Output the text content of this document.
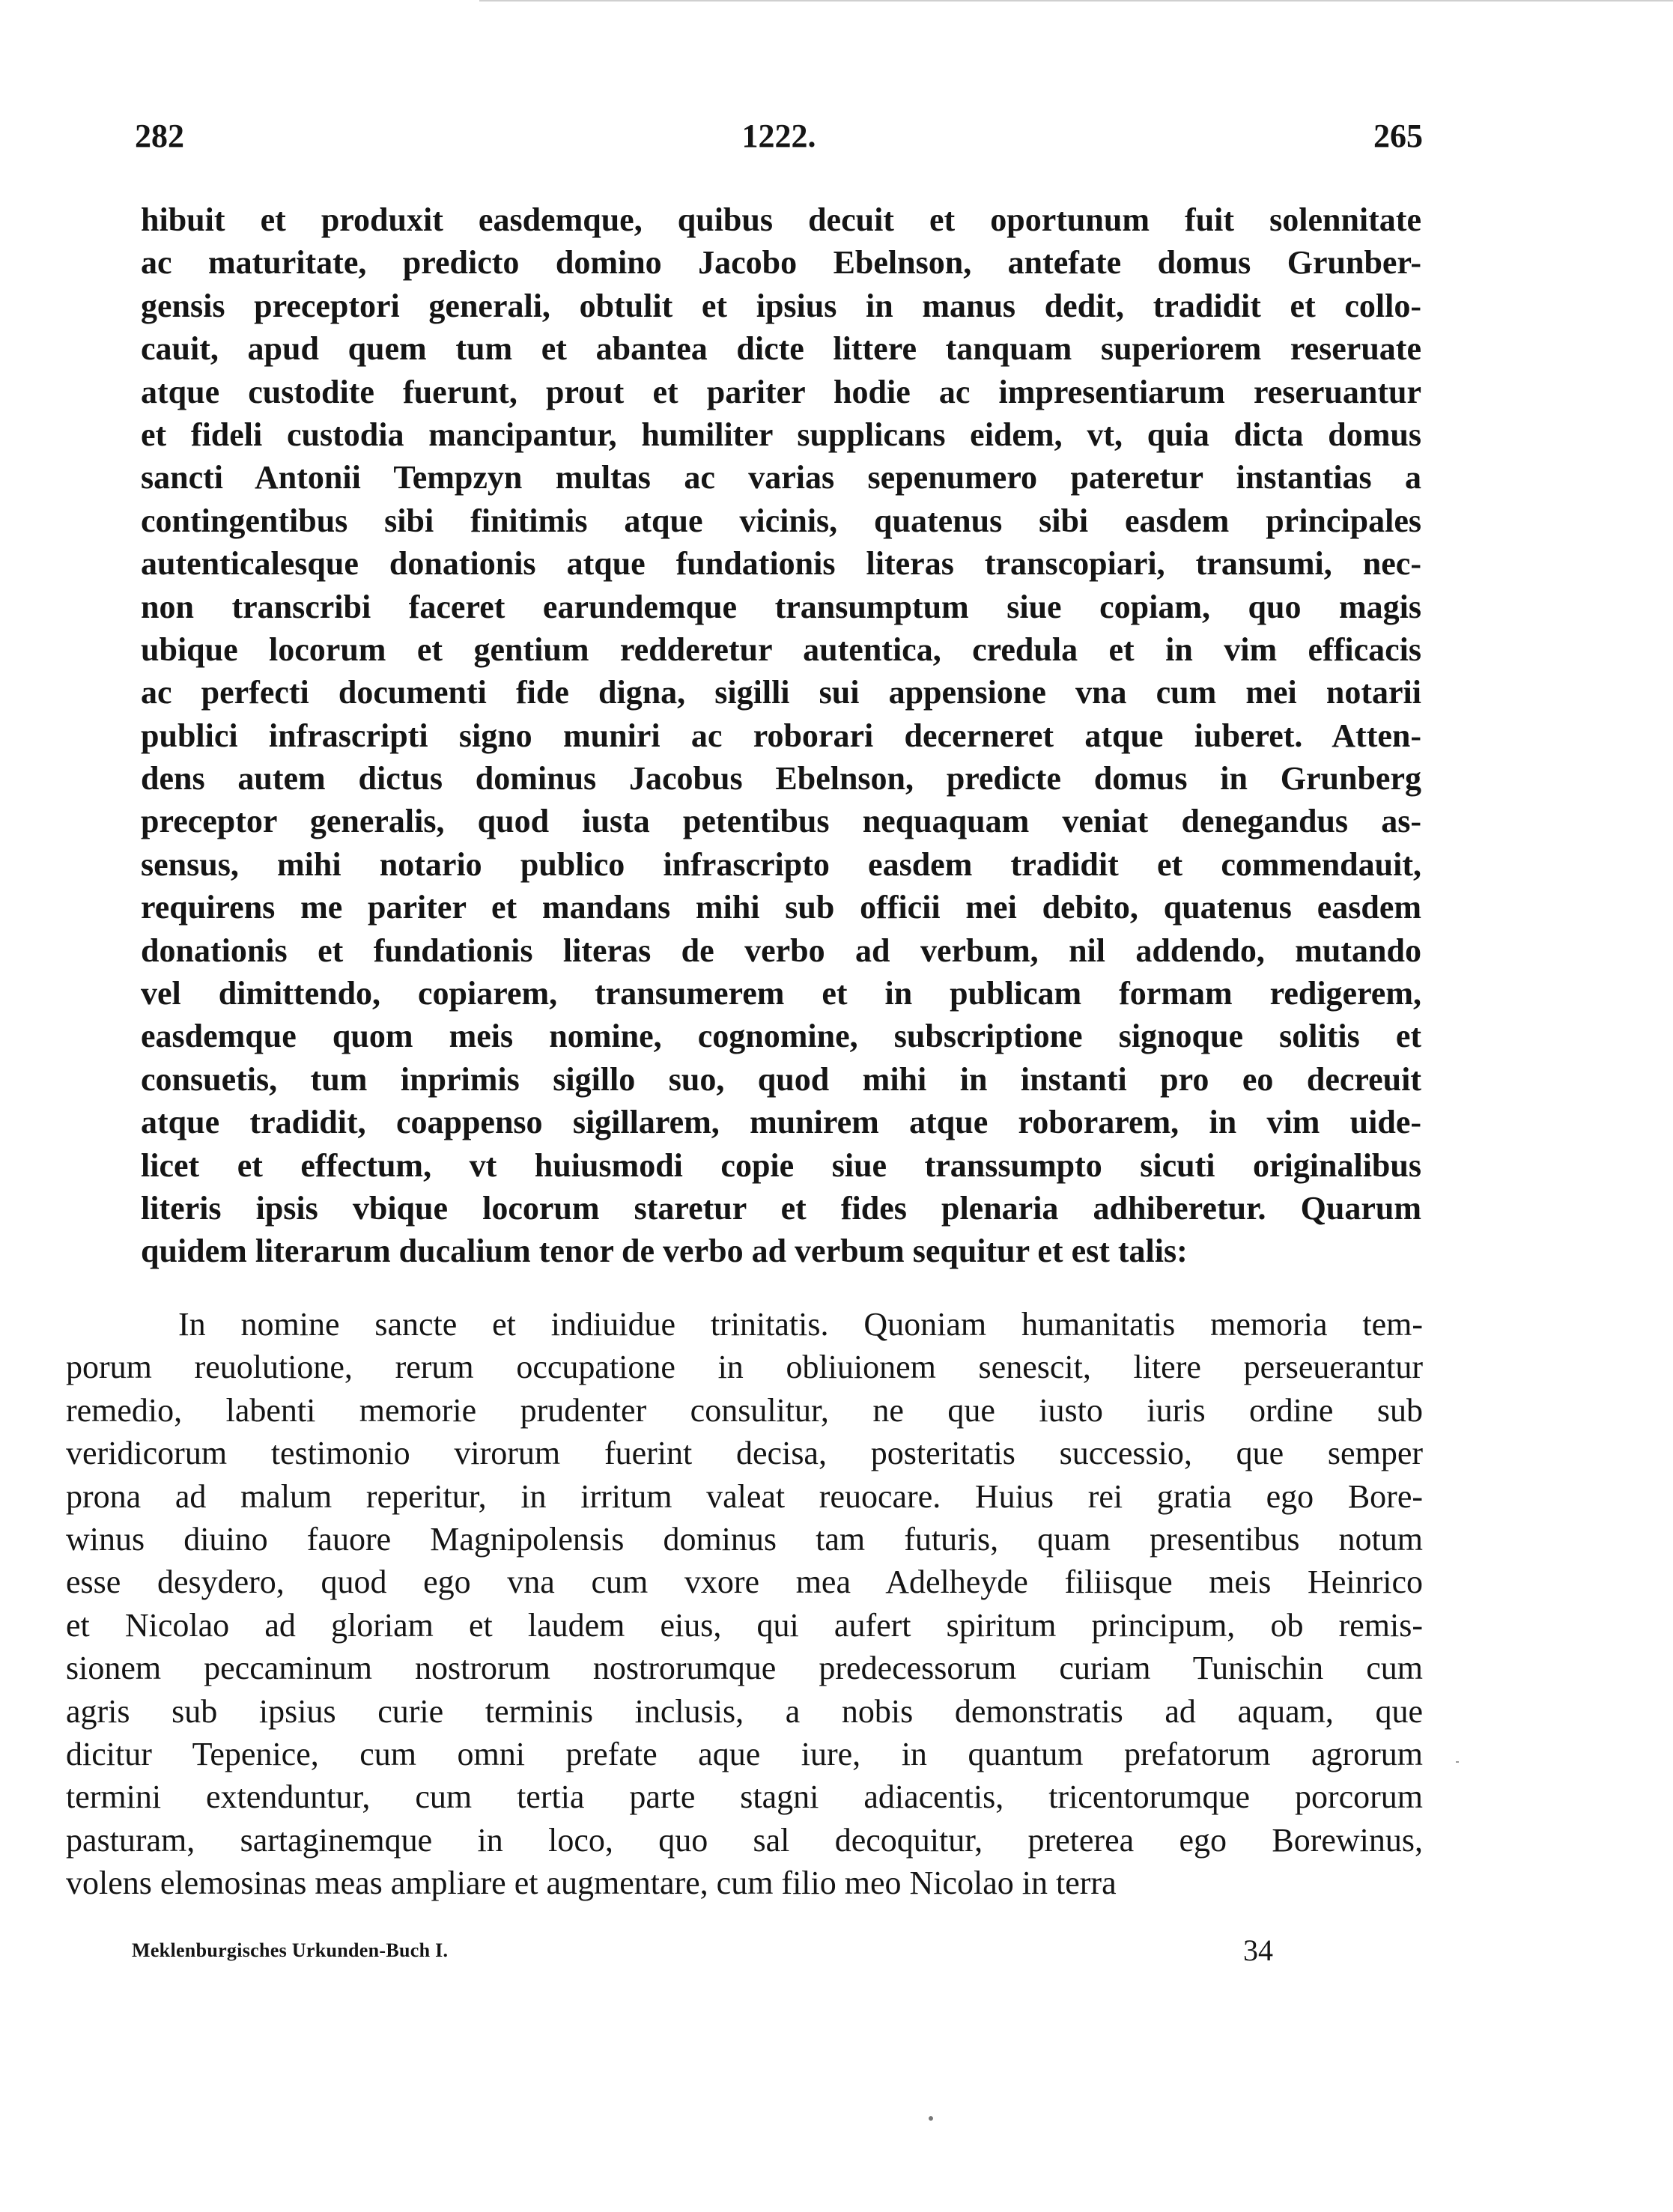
282	1222.	265
hibuit et produxit easdemque, quibus decuit et oportunum fuit solennitate
ac maturitate, predicto domino Jacobo Ebelnson, antefate domus Grunber-
gensis preceptori generali, obtulit et ipsius in manus dedit, tradidit et collo-
cauit, apud quem tum et abantea dicte littere tanquam superiorem reseruate
atque custodite fuerunt, prout et pariter hodie ac impresentiarum reseruantur
et fideli custodia mancipantur, humiliter supplicans eidem, vt, quia dicta domus
sancti Antonii Tempzyn multas ac varias sepenumero pateretur instantias a
contingentibus sibi finitimis atque vicinis, quatenus sibi easdem principales
autenticalesque donationis atque fundationis literas transcopiari, transumi, nec-
non transcribi faceret earundemque transumptum siue copiam, quo magis
ubique locorum et gentium redderetur autentica, credula et in vim efficacis
ac perfecti documenti fide digna, sigilli sui appensione vna cum mei notarii
publici infrascripti signo muniri ac roborari decerneret atque iuberet. Atten-
dens autem dictus dominus Jacobus Ebelnson, predicte domus in Grunberg
preceptor generalis, quod iusta petentibus nequaquam veniat denegandus as-
sensus, mihi notario publico infrascripto easdem tradidit et commendauit,
requirens me pariter et mandans mihi sub officii mei debito, quatenus easdem
donationis et fundationis literas de verbo ad verbum, nil addendo, mutando
vel dimittendo, copiarem, transumerem et in publicam formam redigerem,
easdemque quom meis nomine, cognomine, subscriptione signoque solitis et
consuetis, tum inprimis sigillo suo, quod mihi in instanti pro eo decreuit
atque tradidit, coappenso sigillarem, munirem atque roborarem, in vim uide-
licet et effectum, vt huiusmodi copie siue transsumpto sicuti originalibus
literis ipsis vbique locorum staretur et fides plenaria adhiberetur. Quarum
quidem literarum ducalium tenor de verbo ad verbum sequitur et est talis:
In nomine sancte et indiuidue trinitatis. Quoniam humanitatis memoria tem-
porum reuolutione, rerum occupatione in obliuionem senescit, litere perseuerantur
remedio, labenti memorie prudenter consulitur, ne que iusto iuris ordine sub
veridicorum testimonio virorum fuerint decisa, posteritatis successio, que semper
prona ad malum reperitur, in irritum valeat reuocare. Huius rei gratia ego Bore-
winus diuino fauore Magnipolensis dominus tam futuris, quam presentibus notum
esse desydero, quod ego vna cum vxore mea Adelheyde filiisque meis Heinrico
et Nicolao ad gloriam et laudem eius, qui aufert spiritum principum, ob remis-
sionem peccaminum nostrorum nostrorumque predecessorum curiam Tunischin cum
agris sub ipsius curie terminis inclusis, a nobis demonstratis ad aquam, que
dicitur Tepenice, cum omni prefate aque iure, in quantum prefatorum agrorum
termini extenduntur, cum tertia parte stagni adiacentis, tricentorumque porcorum
pasturam, sartaginemque in loco, quo sal decoquitur, preterea ego Borewinus,
volens elemosinas meas ampliare et augmentare, cum filio meo Nicolao in terra
Meklenburgisches Urkunden-Buch I.	34
